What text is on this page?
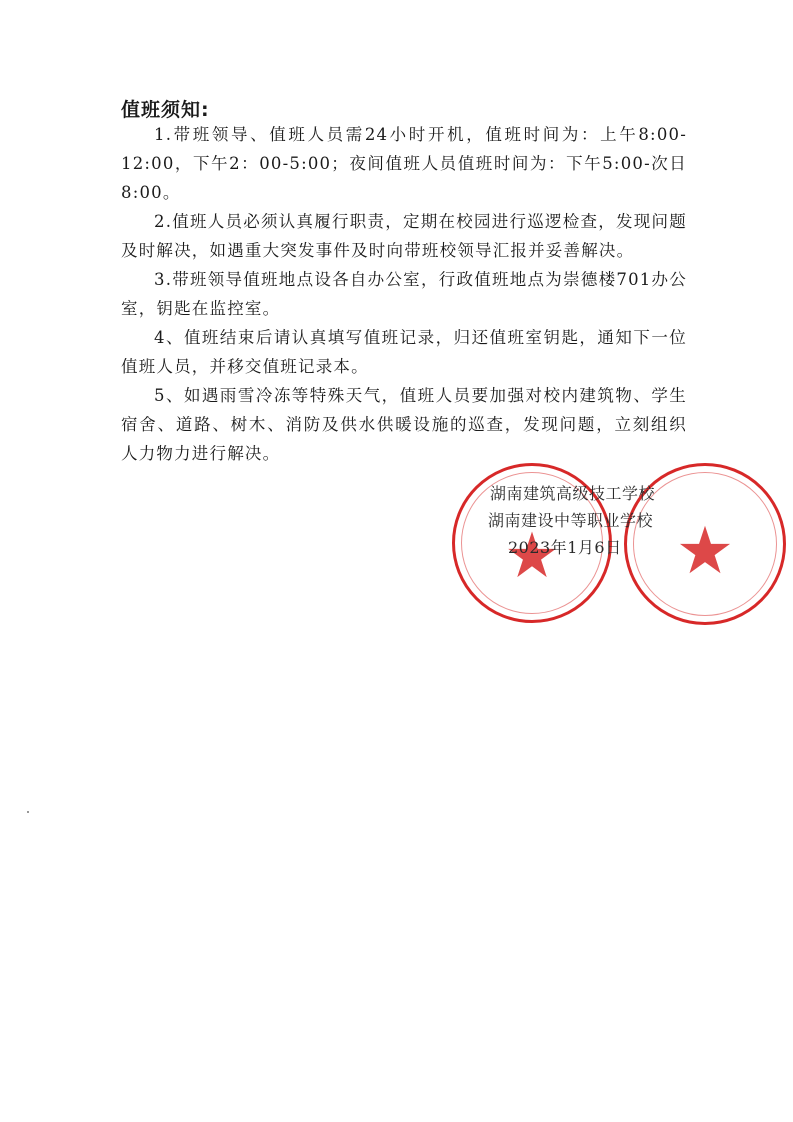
值班须知:

1.带班领导、值班人员需24小时开机，值班时间为：上午8:00-12:00，下午2：00-5:00；夜间值班人员值班时间为：下午5:00-次日8:00。

2.值班人员必须认真履行职责，定期在校园进行巡逻检查，发现问题及时解决，如遇重大突发事件及时向带班校领导汇报并妥善解决。

3.带班领导值班地点设各自办公室，行政值班地点为崇德楼701办公室，钥匙在监控室。

4、值班结束后请认真填写值班记录，归还值班室钥匙，通知下一位值班人员，并移交值班记录本。

5、如遇雨雪冷冻等特殊天气，值班人员要加强对校内建筑物、学生宿舍、道路、树木、消防及供水供暖设施的巡查，发现问题，立刻组织人力物力进行解决。

湖南建筑高级技工学校
湖南建设中等职业学校
2023年1月6日
